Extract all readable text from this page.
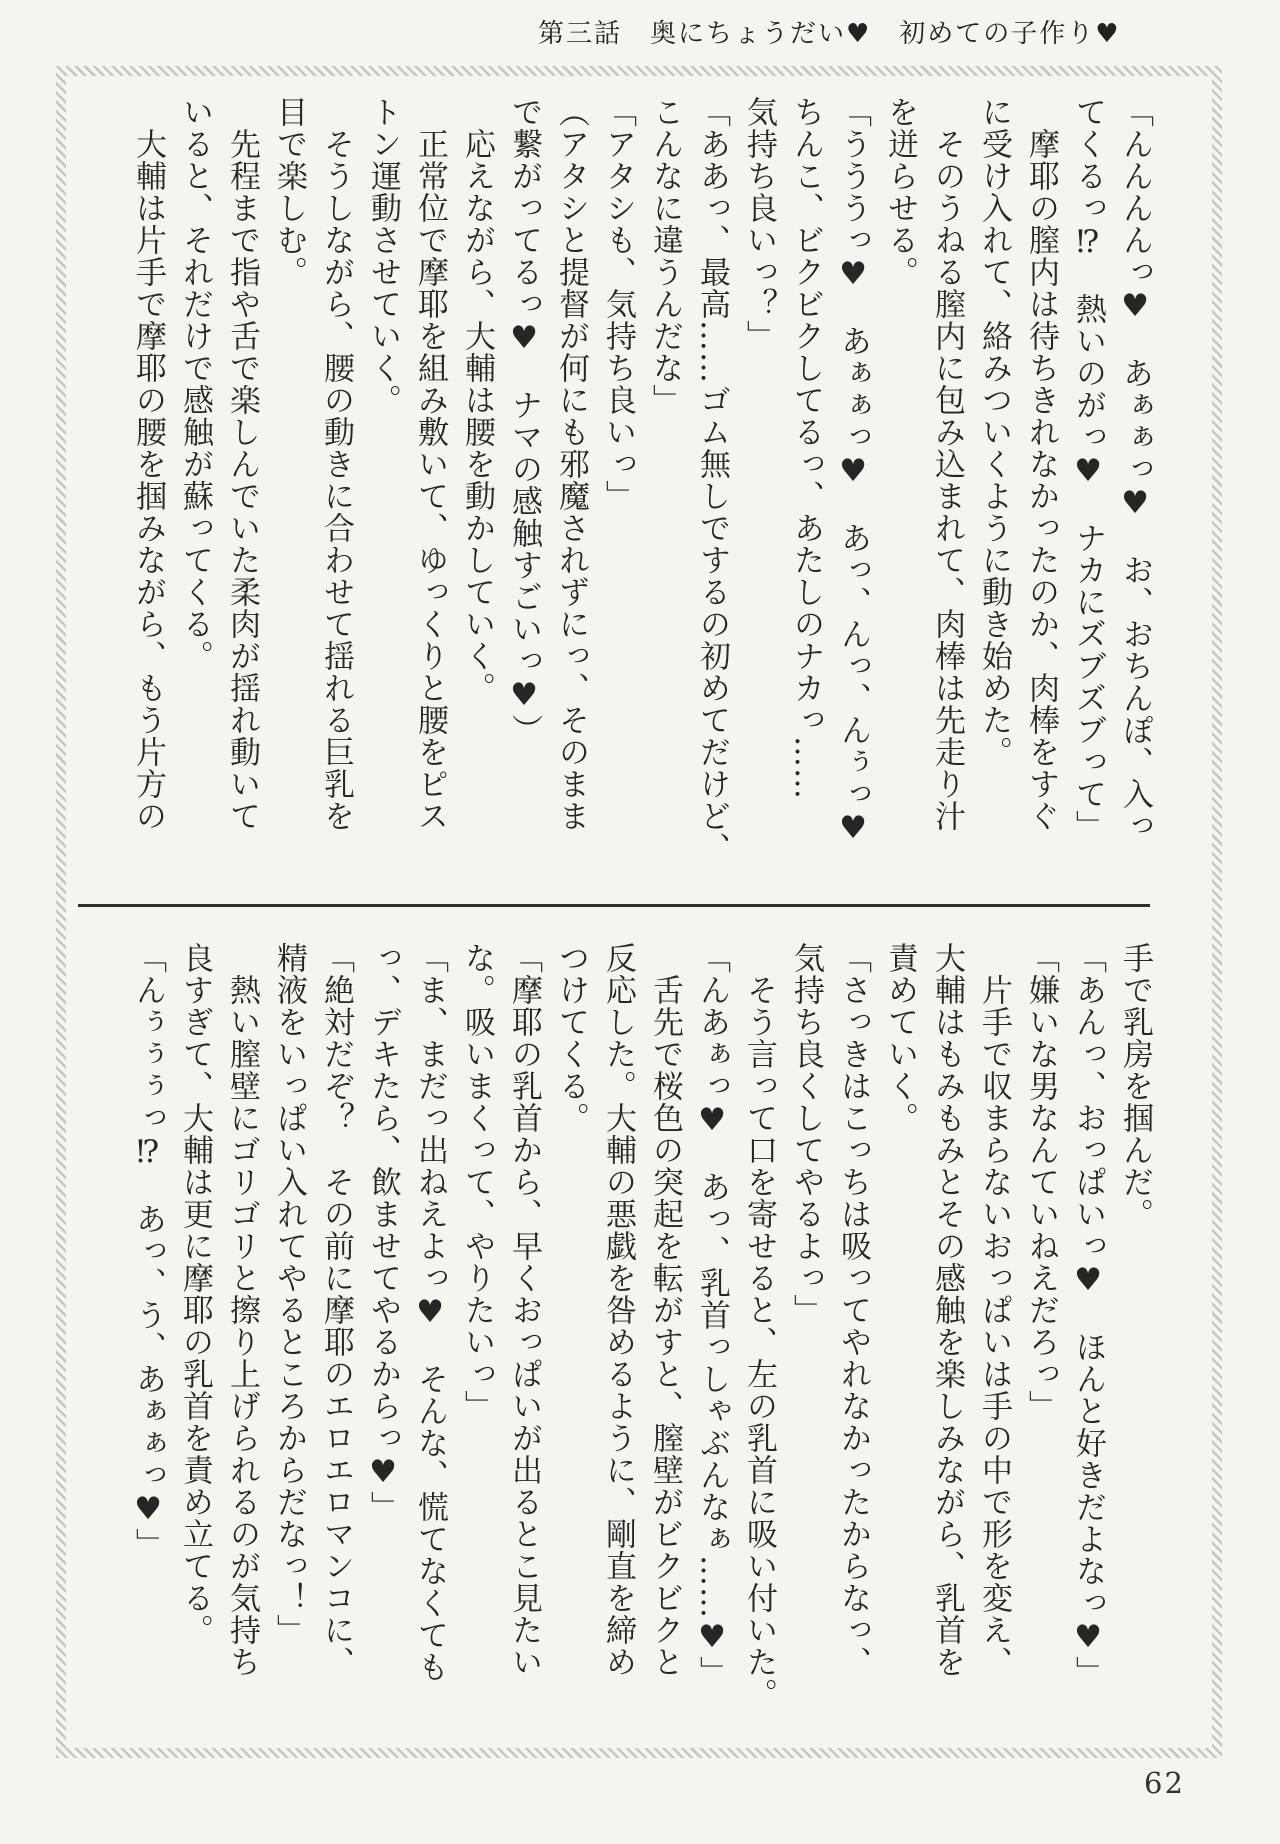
第三話　奥にちょうだい♥　初めての子作り♥
「んんんんっ♥　あぁぁっ♥　お、おちんぽ、入っ
てくるっ⁉　熱いのがっ♥　ナカにズブズブって」
　摩耶の膣内は待ちきれなかったのか、肉棒をすぐ
に受け入れて、絡みついくように動き始めた。
　そのうねる膣内に包み込まれて、肉棒は先走り汁
を迸らせる。
「うううっ♥　あぁぁっ♥　あっ、んっ、んぅっ♥
ちんこ、ビクビクしてるっ、あたしのナカっ……
気持ち良いっ？」
「ああっ、最高……ゴム無しでするの初めてだけど、
こんなに違うんだな」
「アタシも、気持ち良いっ」
（アタシと提督が何にも邪魔されずにっ、そのまま
で繋がってるっ♥　ナマの感触すごいっ♥）
　応えながら、大輔は腰を動かしていく。
　正常位で摩耶を組み敷いて、ゆっくりと腰をピス
トン運動させていく。
　そうしながら、腰の動きに合わせて揺れる巨乳を
目で楽しむ。
　先程まで指や舌で楽しんでいた柔肉が揺れ動いて
いると、それだけで感触が蘇ってくる。
　大輔は片手で摩耶の腰を掴みながら、もう片方の
手で乳房を掴んだ。
「あんっ、おっぱいっ♥　ほんと好きだよなっ♥」
「嫌いな男なんていねえだろっ」
　片手で収まらないおっぱいは手の中で形を変え、
大輔はもみもみとその感触を楽しみながら、乳首を
責めていく。
「さっきはこっちは吸ってやれなかったからなっ、
気持ち良くしてやるよっ」
　そう言って口を寄せると、左の乳首に吸い付いた。
「んあぁっ♥　あっ、乳首っしゃぶんなぁ……♥」
　舌先で桜色の突起を転がすと、膣壁がビクビクと
反応した。大輔の悪戯を咎めるように、剛直を締め
つけてくる。
「摩耶の乳首から、早くおっぱいが出るとこ見たい
な。吸いまくって、やりたいっ」
「ま、まだっ出ねえよっ♥　そんな、慌てなくても
っ、デキたら、飲ませてやるからっ♥」
「絶対だぞ？　その前に摩耶のエロエロマンコに、
精液をいっぱい入れてやるところからだなっ！」
　熱い膣壁にゴリゴリと擦り上げられるのが気持ち
良すぎて、大輔は更に摩耶の乳首を責め立てる。
「んぅぅぅっ⁉　あっ、う、あぁぁっ♥」
62
